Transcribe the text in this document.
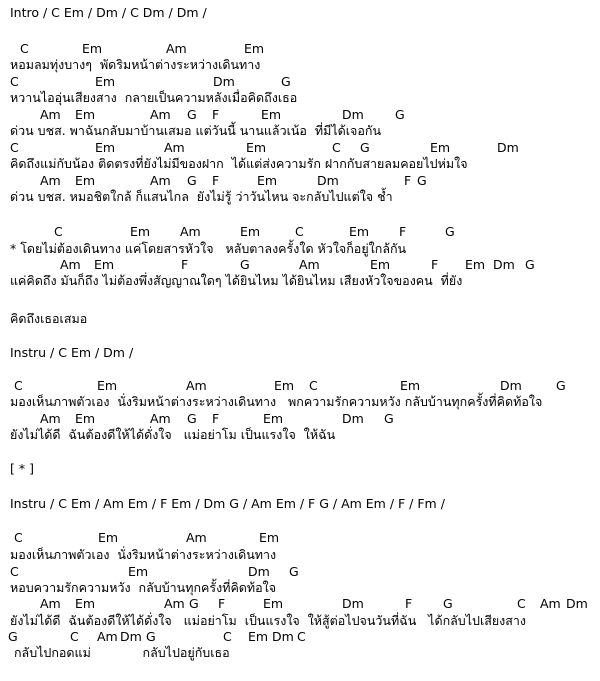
Intro / C Em / Dm / C Dm / Dm /
C	Em	Am	Em
หอมลมทุ่งบางๆ  พัดริมหน้าต่างระหว่างเดินทาง
C	Em	Dm	G
หวานไออุ่นเสียงสาง  กลายเป็นความหลังเมื่อคิดถึงเธอ
Am Em	Am G F	Em	Dm G
ด่วน บชส. พาฉันกลับมาบ้านเสมอ แต่วันนี้ นานแล้วเน้อ  ที่มีได้เจอกัน
C	Em	Am	Em	C	Em	Dm
G
คิดถึงแม่กับน้อง ติดตรงที่ยังไม่มีของฝาก  ได้แต่ส่งความรัก ฝากกับสายลมคอยไปห่มใจ
Am Em	Am G F	Em	Dm	F G
ด่วน บชส. หมอชิตใกล้ ก็แสนไกล  ยังไม่รู้ ว่าวันไหน จะกลับไปแต่ใจ ช้ำ
C	Em Am	Em	C	Em F	G
* โดยไม่ต้องเดินทาง แค่โดยสารหัวใจ   หลับตาลงครั้งใด หัวใจก็อยู่ใกล้กัน
Am Em	F	G	Am	Em	F Em Dm G
แค่คิดถึง มันก็ถึง ไม่ต้องพึ่งสัญญาณใดๆ ได้ยินไหม ได้ยินไหม เสียงหัวใจของคน  ที่ยัง
คิดถึงเธอเสมอ
Instru / C Em / Dm /
C	Em	Am	Em C	Em	Dm	G
มองเห็นภาพตัวเอง  นั่งริมหน้าต่างระหว่างเดินทาง   พกความรักความหวัง กลับบ้านทุกครั้งที่คิดท้อใจ
Am Em	Am G F	Em	Dm G
ยังไม่ได้ดี  ฉันต้องดีให้ได้ดั่งใจ   แม่อย่าโม เป็นแรงใจ  ให้ฉัน
[ * ]
Instru / C Em / Am Em / F Em / Dm G / Am Em / F G / Am Em / F / Fm /
C	Em	Am	Em
มองเห็นภาพตัวเอง  นั่งริมหน้าต่างระหว่างเดินทาง
C	Em	Dm G
หอบความรักความหวัง  กลับบ้านทุกครั้งที่คิดท้อใจ
Am Em	Am G F	Em	Dm	F G	C Am Dm
ยังไม่ได้ดี  ฉันต้องดีให้ได้ดั่งใจ   แม่อย่าโม  เป็นแรงใจ  ให้สู้ต่อไปจนวันที่ฉัน   ได้กลับไปเสียงสาง
G	C Am Dm G	C Em Dm C
กลับไปกอดแม่             กลับไปอยู่กับเธอ
